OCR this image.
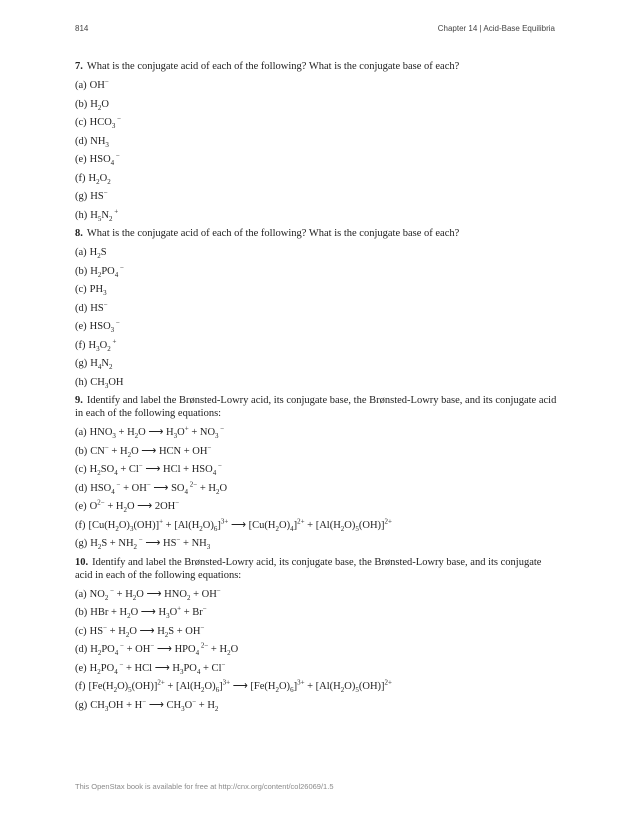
814	Chapter 14 | Acid-Base Equilibria
7. What is the conjugate acid of each of the following? What is the conjugate base of each?
(a) OH−
(b) $H_2O$
(c) $HCO_3$ −
(d) $NH_3$
(e) $HSO_4$ −
(f) $H_2O_2$
(g) HS−
(h) $H_5N_2$ +
8. What is the conjugate acid of each of the following? What is the conjugate base of each?
(a) $H_2S$
(b) $H_2PO_4$ −
(c) $PH_3$
(d) HS−
(e) $HSO_3$ −
(f) $H_3O_2$ +
(g) $H_4N_2$
(h) $CH_3OH$
9. Identify and label the Brønsted-Lowry acid, its conjugate base, the Brønsted-Lowry base, and its conjugate acid in each of the following equations:
(a) $HNO_3 + H_2O$ ⟶ $H_3O^+ + NO_3$ −
(b) $CN^- + H_2O$ ⟶ HCN + OH−
(c) $H_2SO_4 + Cl^-$ ⟶ HCl + $HSO_4$ −
(d) $HSO_4$ − + OH− ⟶ $SO_4$ $^{2-} + H_2O$
(e) $O^{2-} + H_2O$ ⟶ 2OH−
(f) $[Cu(H_2O)_3(OH)]^+ + [Al(H_2O)_6]^{3+}$ ⟶ $[Cu(H_2O)_4]^{2+} + [Al(H_2O)_5(OH)]^{2+}$
(g) $H_2S + NH_2$ − ⟶ $HS^- + NH_3$
10. Identify and label the Brønsted-Lowry acid, its conjugate base, the Brønsted-Lowry base, and its conjugate acid in each of the following equations:
(a) $NO_2$ $^- + H_2O$ ⟶ $HNO_2 + OH^-$
(b) HBr + $H_2O$ ⟶ $H_3O^+ + Br^-$
(c) $HS^- + H_2O$ ⟶ $H_2S + OH^-$
(d) $H_2PO_4$ − + OH− ⟶ $HPO_4$ $^{2-} + H_2O$
(e) $H_2PO_4$ − + HCl ⟶ $H_3PO_4 + Cl^-$
(f) $[Fe(H_2O)_5(OH)]^{2+} + [Al(H_2O)_6]^{3+}$ ⟶ $[Fe(H_2O)_6]^{3+} + [Al(H_2O)_5(OH)]^{2+}$
(g) $CH_3OH + H^-$ ⟶ $CH_3O^- + H_2$
This OpenStax book is available for free at http://cnx.org/content/col26069/1.5
